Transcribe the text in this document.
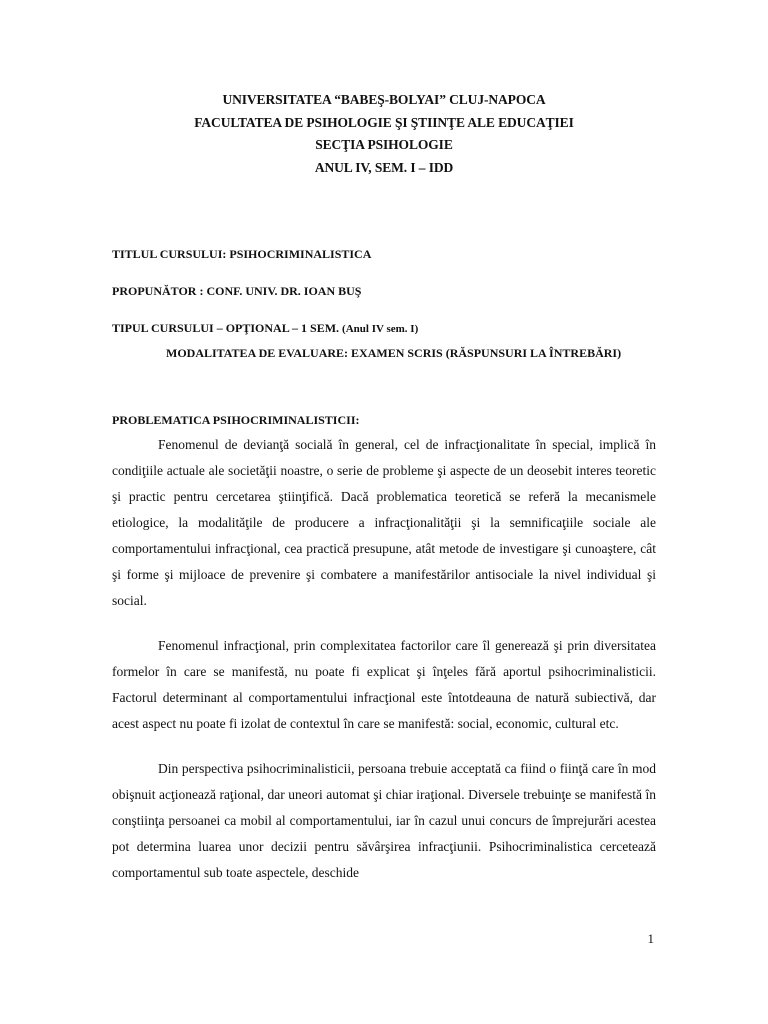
UNIVERSITATEA “BABEŞ-BOLYAI” CLUJ-NAPOCA
FACULTATEA DE PSIHOLOGIE ŞI ŞTIINŢE ALE EDUCAŢIEI
SECŢIA PSIHOLOGIE
ANUL IV, SEM. I – IDD
TITLUL CURSULUI: PSIHOCRIMINALISTICA
PROPUNĂTOR : CONF. UNIV. DR. IOAN BUŞ
TIPUL CURSULUI – OPŢIONAL – 1 SEM. (Anul IV sem. I)
MODALITATEA DE EVALUARE: EXAMEN SCRIS (RĂSPUNSURI LA ÎNTREBĂRI)
PROBLEMATICA PSIHOCRIMINALISTICII:

Fenomenul de devianţă socială în general, cel de infracţionalitate în special, implică în condiţiile actuale ale societăţii noastre, o serie de probleme şi aspecte de un deosebit interes teoretic şi practic pentru cercetarea ştiinţifică. Dacă problematica teoretică se referă la mecanismele etiologice, la modalităţile de producere a infracţionalităţii şi la semnificaţiile sociale ale comportamentului infracţional, cea practică presupune, atât metode de investigare şi cunoaştere, cât şi forme şi mijloace de prevenire şi combatere a manifestărilor antisociale la nivel individual şi social.

Fenomenul infracţional, prin complexitatea factorilor care îl generează şi prin diversitatea formelor în care se manifestă, nu poate fi explicat şi înţeles fără aportul psihocriminalisticii. Factorul determinant al comportamentului infracţional este întotdeauna de natură subiectivă, dar acest aspect nu poate fi izolat de contextul în care se manifestă: social, economic, cultural etc.

Din perspectiva psihocriminalisticii, persoana trebuie acceptată ca fiind o fiinţă care în mod obişnuit acţionează raţional, dar uneori automat şi chiar iraţional. Diversele trebuinţe se manifestă în conştiinţa persoanei ca mobil al comportamentului, iar în cazul unui concurs de împrejurări acestea pot determina luarea unor decizii pentru săvârşirea infracţiunii. Psihocriminalistica cercetează comportamentul sub toate aspectele, deschide

1
